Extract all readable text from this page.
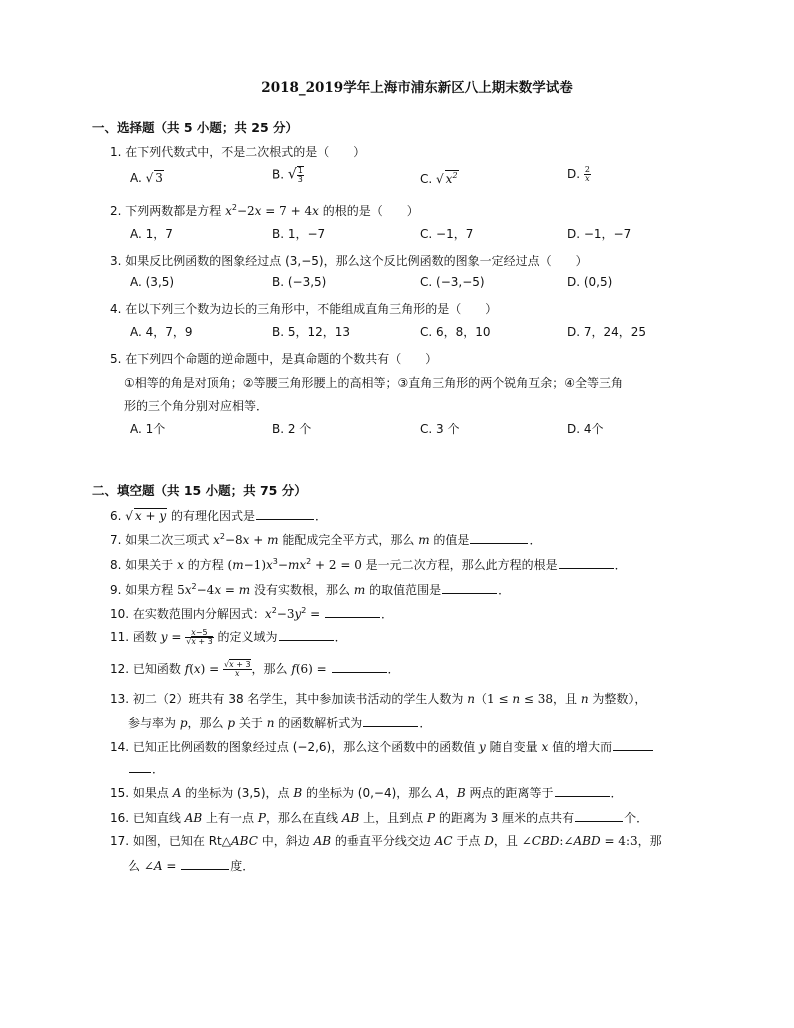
2018_2019学年上海市浦东新区八上期末数学试卷
一、选择题（共 5 小题；共 25 分）
1. 在下列代数式中，不是二次根式的是（　　）
A. √ 3	B. √ $\frac{1}{3}$	C. √ $x^2$	D. $\frac{2}{x}$
2. 下列两数都是方程 $x^2-2x = 7 + 4x$ 的根的是（　　）
A. 1，7	B. 1，−7	C. −1，7	D. −1，−7
3. 如果反比例函数的图象经过点 (3,−5)，那么这个反比例函数的图象一定经过点（　　）
A. (3,5)	B. (−3,5)	C. (−3,−5)	D. (0,5)
4. 在以下列三个数为边长的三角形中，不能组成直角三角形的是（　　）
A. 4，7，9	B. 5，12，13	C. 6，8，10	D. 7，24，25
5. 在下列四个命题的逆命题中，是真命题的个数共有（　　）
①相等的角是对顶角；②等腰三角形腰上的高相等；③直角三角形的两个锐角互余；④全等三角
形的三个角分别对应相等．
A. 1个	B. 2 个	C. 3 个	D. 4个
二、填空题（共 15 小题；共 75 分）
6. √ x + y 的有理化因式是	．
7. 如果二次三项式 $x^2-8x + m$ 能配成完全平方式，那么 m 的值是	．
8. 如果关于 x 的方程 $(m-1)x^3-mx^2 + 2 = 0$ 是一元二次方程，那么此方程的根是	．
9. 如果方程 $5x^2-4x = m$ 没有实数根，那么 m 的取值范围是	．
10. 在实数范围内分解因式：$x^2-3y^2$ =	．
11. 函数 $y = \frac{x-5}{√x + 3}$ 的定义域为	．
12. 已知函数 $f(x) = \frac{√x + 3}{x}$ ，那么 f(6) =	．
13. 初二（2）班共有 38 名学生，其中参加读书活动的学生人数为 n（1 ≤ n ≤ 38，且 n 为整数），
参与率为 p，那么 p 关于 n 的函数解析式为	．
14. 已知正比例函数的图象经过点 (−2,6)，那么这个函数中的函数值 y 随自变量 x 值的增大而
．
15. 如果点 A 的坐标为 (3,5)，点 B 的坐标为 (0,−4)，那么 A，B 两点的距离等于	．
16. 已知直线 AB 上有一点 P，那么在直线 AB 上，且到点 P 的距离为 3 厘米的点共有	个．
17. 如图，已知在 Rt△ABC 中，斜边 AB 的垂直平分线交边 AC 于点 D，且 ∠CBD:∠ABD = 4:3，那
么 ∠A =	度．
